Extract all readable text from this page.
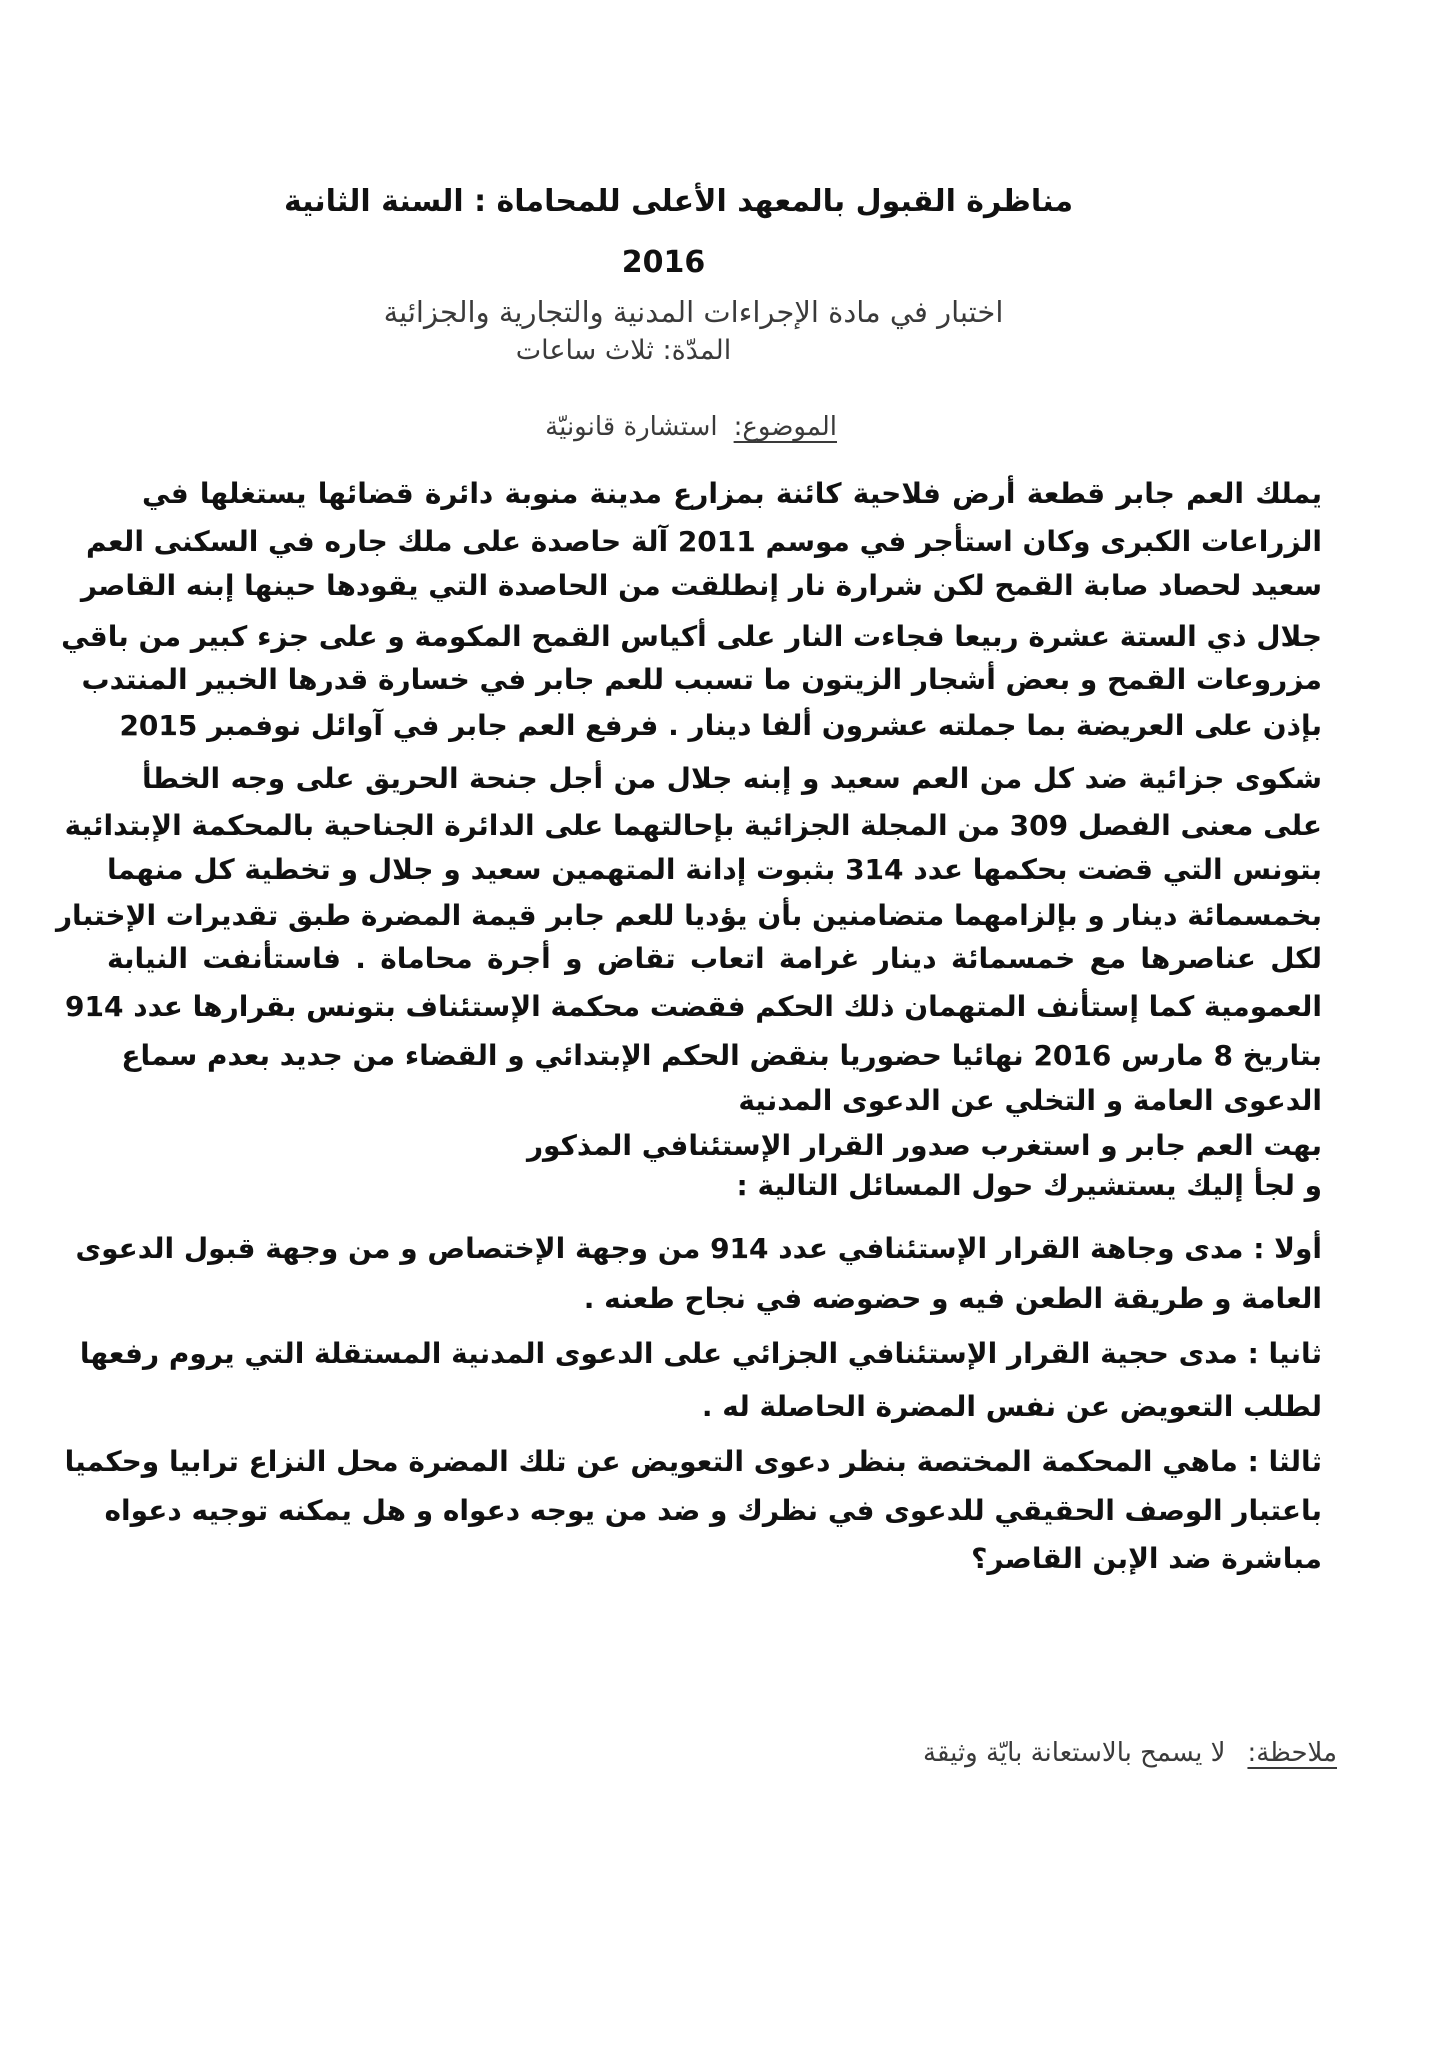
مناظرة القبول بالمعهد الأعلى للمحاماة : السنة الثانية
2016
اختبار في مادة الإجراءات المدنية والتجارية والجزائية
المدّة: ثلاث ساعات
الموضوع:استشارة قانونيّة
يملك العم جابر قطعة أرض فلاحية كائنة بمزارع مدينة منوبة دائرة قضائها يستغلها في
الزراعات الكبرى وكان استأجر في موسم 2011 آلة حاصدة على ملك جاره في السكنى العم
سعيد لحصاد صابة القمح لكن شرارة نار إنطلقت من الحاصدة التي يقودها حينها إبنه القاصر
جلال ذي الستة عشرة ربيعا فجاءت النار على أكياس القمح المكومة و على جزء كبير من باقي
مزروعات القمح و بعض أشجار الزيتون ما تسبب للعم جابر في خسارة قدرها الخبير المنتدب
بإذن على العريضة بما جملته عشرون ألفا دينار . فرفع العم جابر في آوائل نوفمبر 2015
شكوى جزائية ضد كل من العم سعيد و إبنه جلال من أجل جنحة الحريق على وجه الخطأ
على معنى الفصل 309 من المجلة الجزائية بإحالتهما على الدائرة الجناحية بالمحكمة الإبتدائية
بتونس التي قضت بحكمها عدد 314 بثبوت إدانة المتهمين سعيد و جلال و تخطية كل منهما
بخمسمائة دينار و بإلزامهما متضامنين بأن يؤديا للعم جابر قيمة المضرة طبق تقديرات الإختبار
لكل عناصرها مع خمسمائة دينار غرامة اتعاب تقاض و أجرة محاماة . فاستأنفت النيابة
العمومية كما إستأنف المتهمان ذلك الحكم فقضت محكمة الإستئناف بتونس بقرارها عدد 914
بتاريخ 8 مارس 2016 نهائيا حضوريا بنقض الحكم الإبتدائي و القضاء من جديد بعدم سماع
الدعوى العامة و التخلي عن الدعوى المدنية
بهت العم جابر و استغرب صدور القرار الإستئنافي المذكور
و لجأ إليك يستشيرك حول المسائل التالية :
أولا : مدى وجاهة القرار الإستئنافي عدد 914 من وجهة الإختصاص و من وجهة قبول الدعوى
العامة و طريقة الطعن فيه و حضوضه في نجاح طعنه .
ثانيا : مدى حجية القرار الإستئنافي الجزائي على الدعوى المدنية المستقلة التي يروم رفعها
لطلب التعويض عن نفس المضرة الحاصلة له .
ثالثا : ماهي المحكمة المختصة بنظر دعوى التعويض عن تلك المضرة محل النزاع ترابيا وحكميا
باعتبار الوصف الحقيقي للدعوى في نظرك و ضد من يوجه دعواه و هل يمكنه توجيه دعواه
مباشرة ضد الإبن القاصر؟
ملاحظة:لا يسمح بالاستعانة بايّة وثيقة
